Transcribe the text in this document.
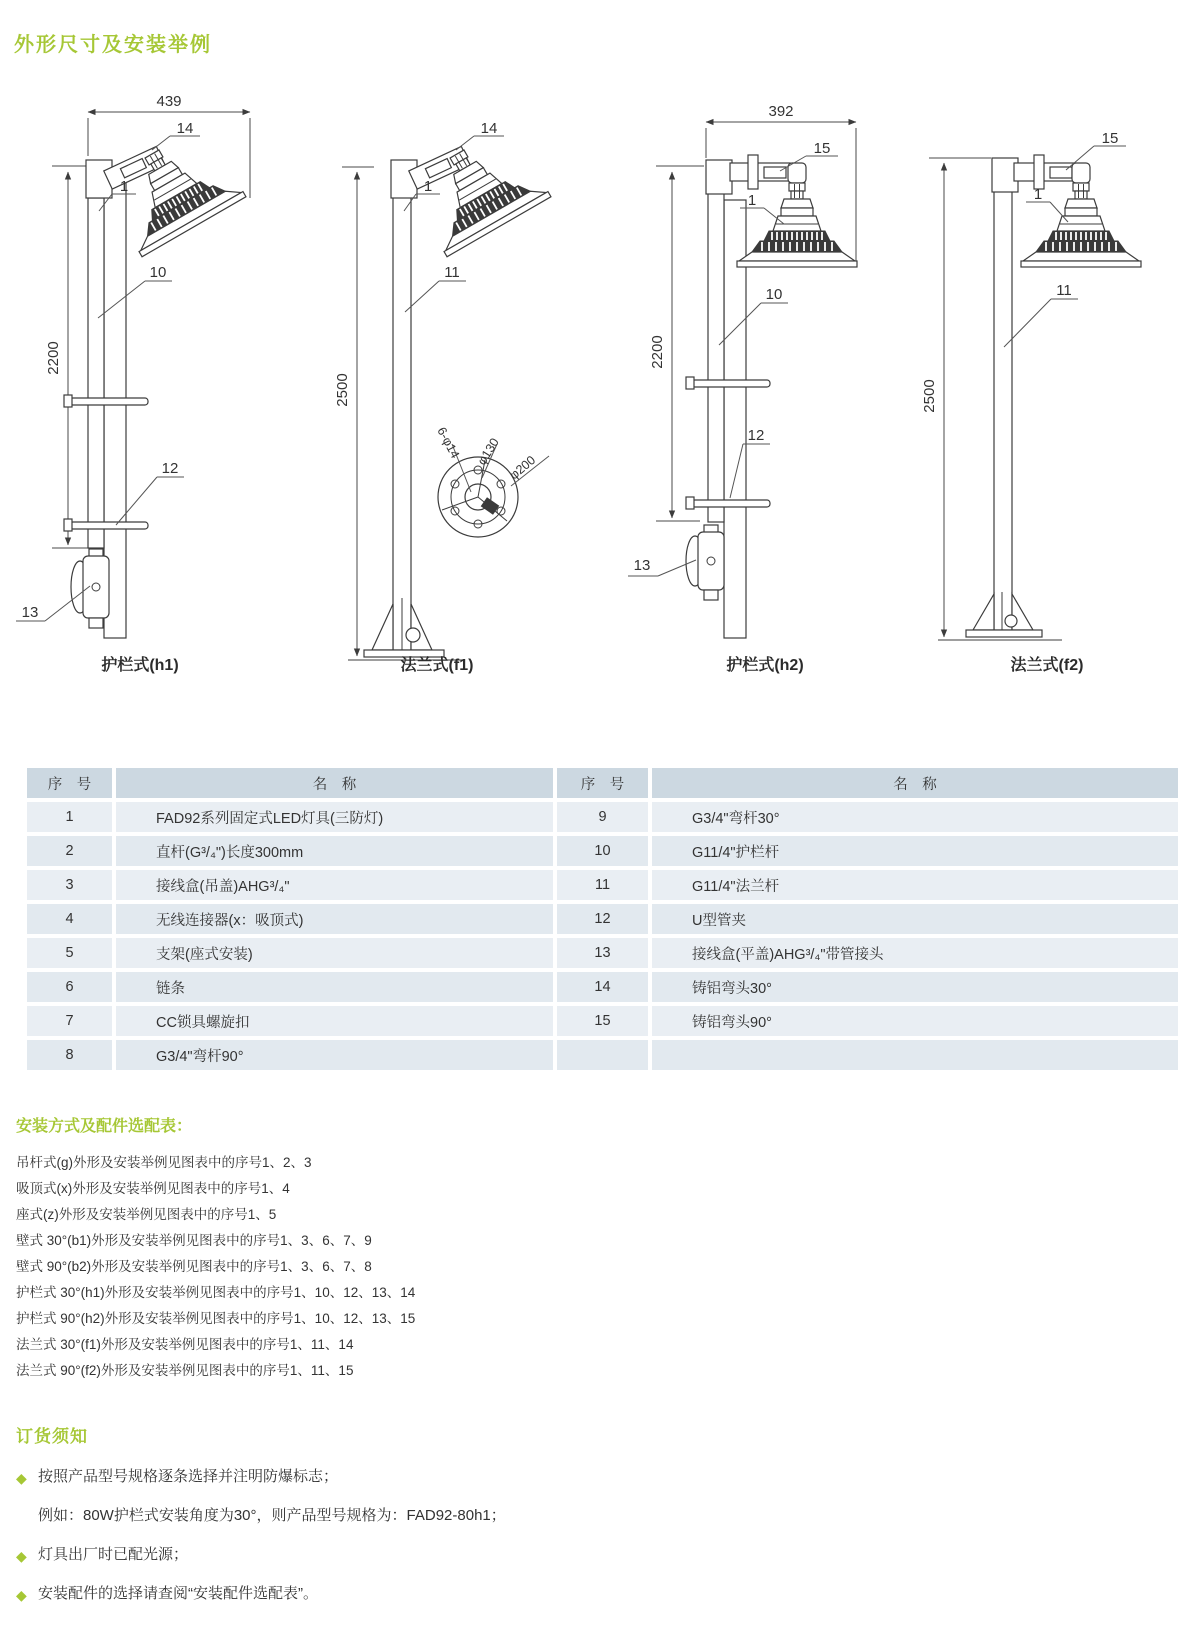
外形尺寸及安装举例
439
2200
14
1
10
12
13
2500
14
1
11
6-φ14 φ130
φ200
392
2200
15
1
10
12
13
2500
15
1
11
护栏式(h1)	法兰式(f1)	护栏式(h2)	法兰式(f2)
序　号	名　称	序　号	名　称
1	FAD92系列固定式LED灯具(三防灯)	9	G3/4"弯杆30°
2	直杆(G³/₄")长度300mm	10	G11/4"护栏杆
3	接线盒(吊盖)AHG³/₄"	11	G11/4"法兰杆
4	无线连接器(x：吸顶式)	12	U型管夹
5	支架(座式安装)	13	接线盒(平盖)AHG³/₄"带管接头
6	链条	14	铸铝弯头30°
7	CC锁具螺旋扣	15	铸铝弯头90°
8	G3/4"弯杆90°		
安装方式及配件选配表：
吊杆式(g)外形及安装举例见图表中的序号1、2、3
吸顶式(x)外形及安装举例见图表中的序号1、4
座式(z)外形及安装举例见图表中的序号1、5
壁式 30°(b1)外形及安装举例见图表中的序号1、3、6、7、9
壁式 90°(b2)外形及安装举例见图表中的序号1、3、6、7、8
护栏式 30°(h1)外形及安装举例见图表中的序号1、10、12、13、14
护栏式 90°(h2)外形及安装举例见图表中的序号1、10、12、13、15
法兰式 30°(f1)外形及安装举例见图表中的序号1、11、14
法兰式 90°(f2)外形及安装举例见图表中的序号1、11、15
订货须知
◆ 按照产品型号规格逐条选择并注明防爆标志；
例如：80W护栏式安装角度为30°，则产品型号规格为：FAD92-80h1；
◆ 灯具出厂时已配光源；
◆ 安装配件的选择请查阅“安装配件选配表”。
